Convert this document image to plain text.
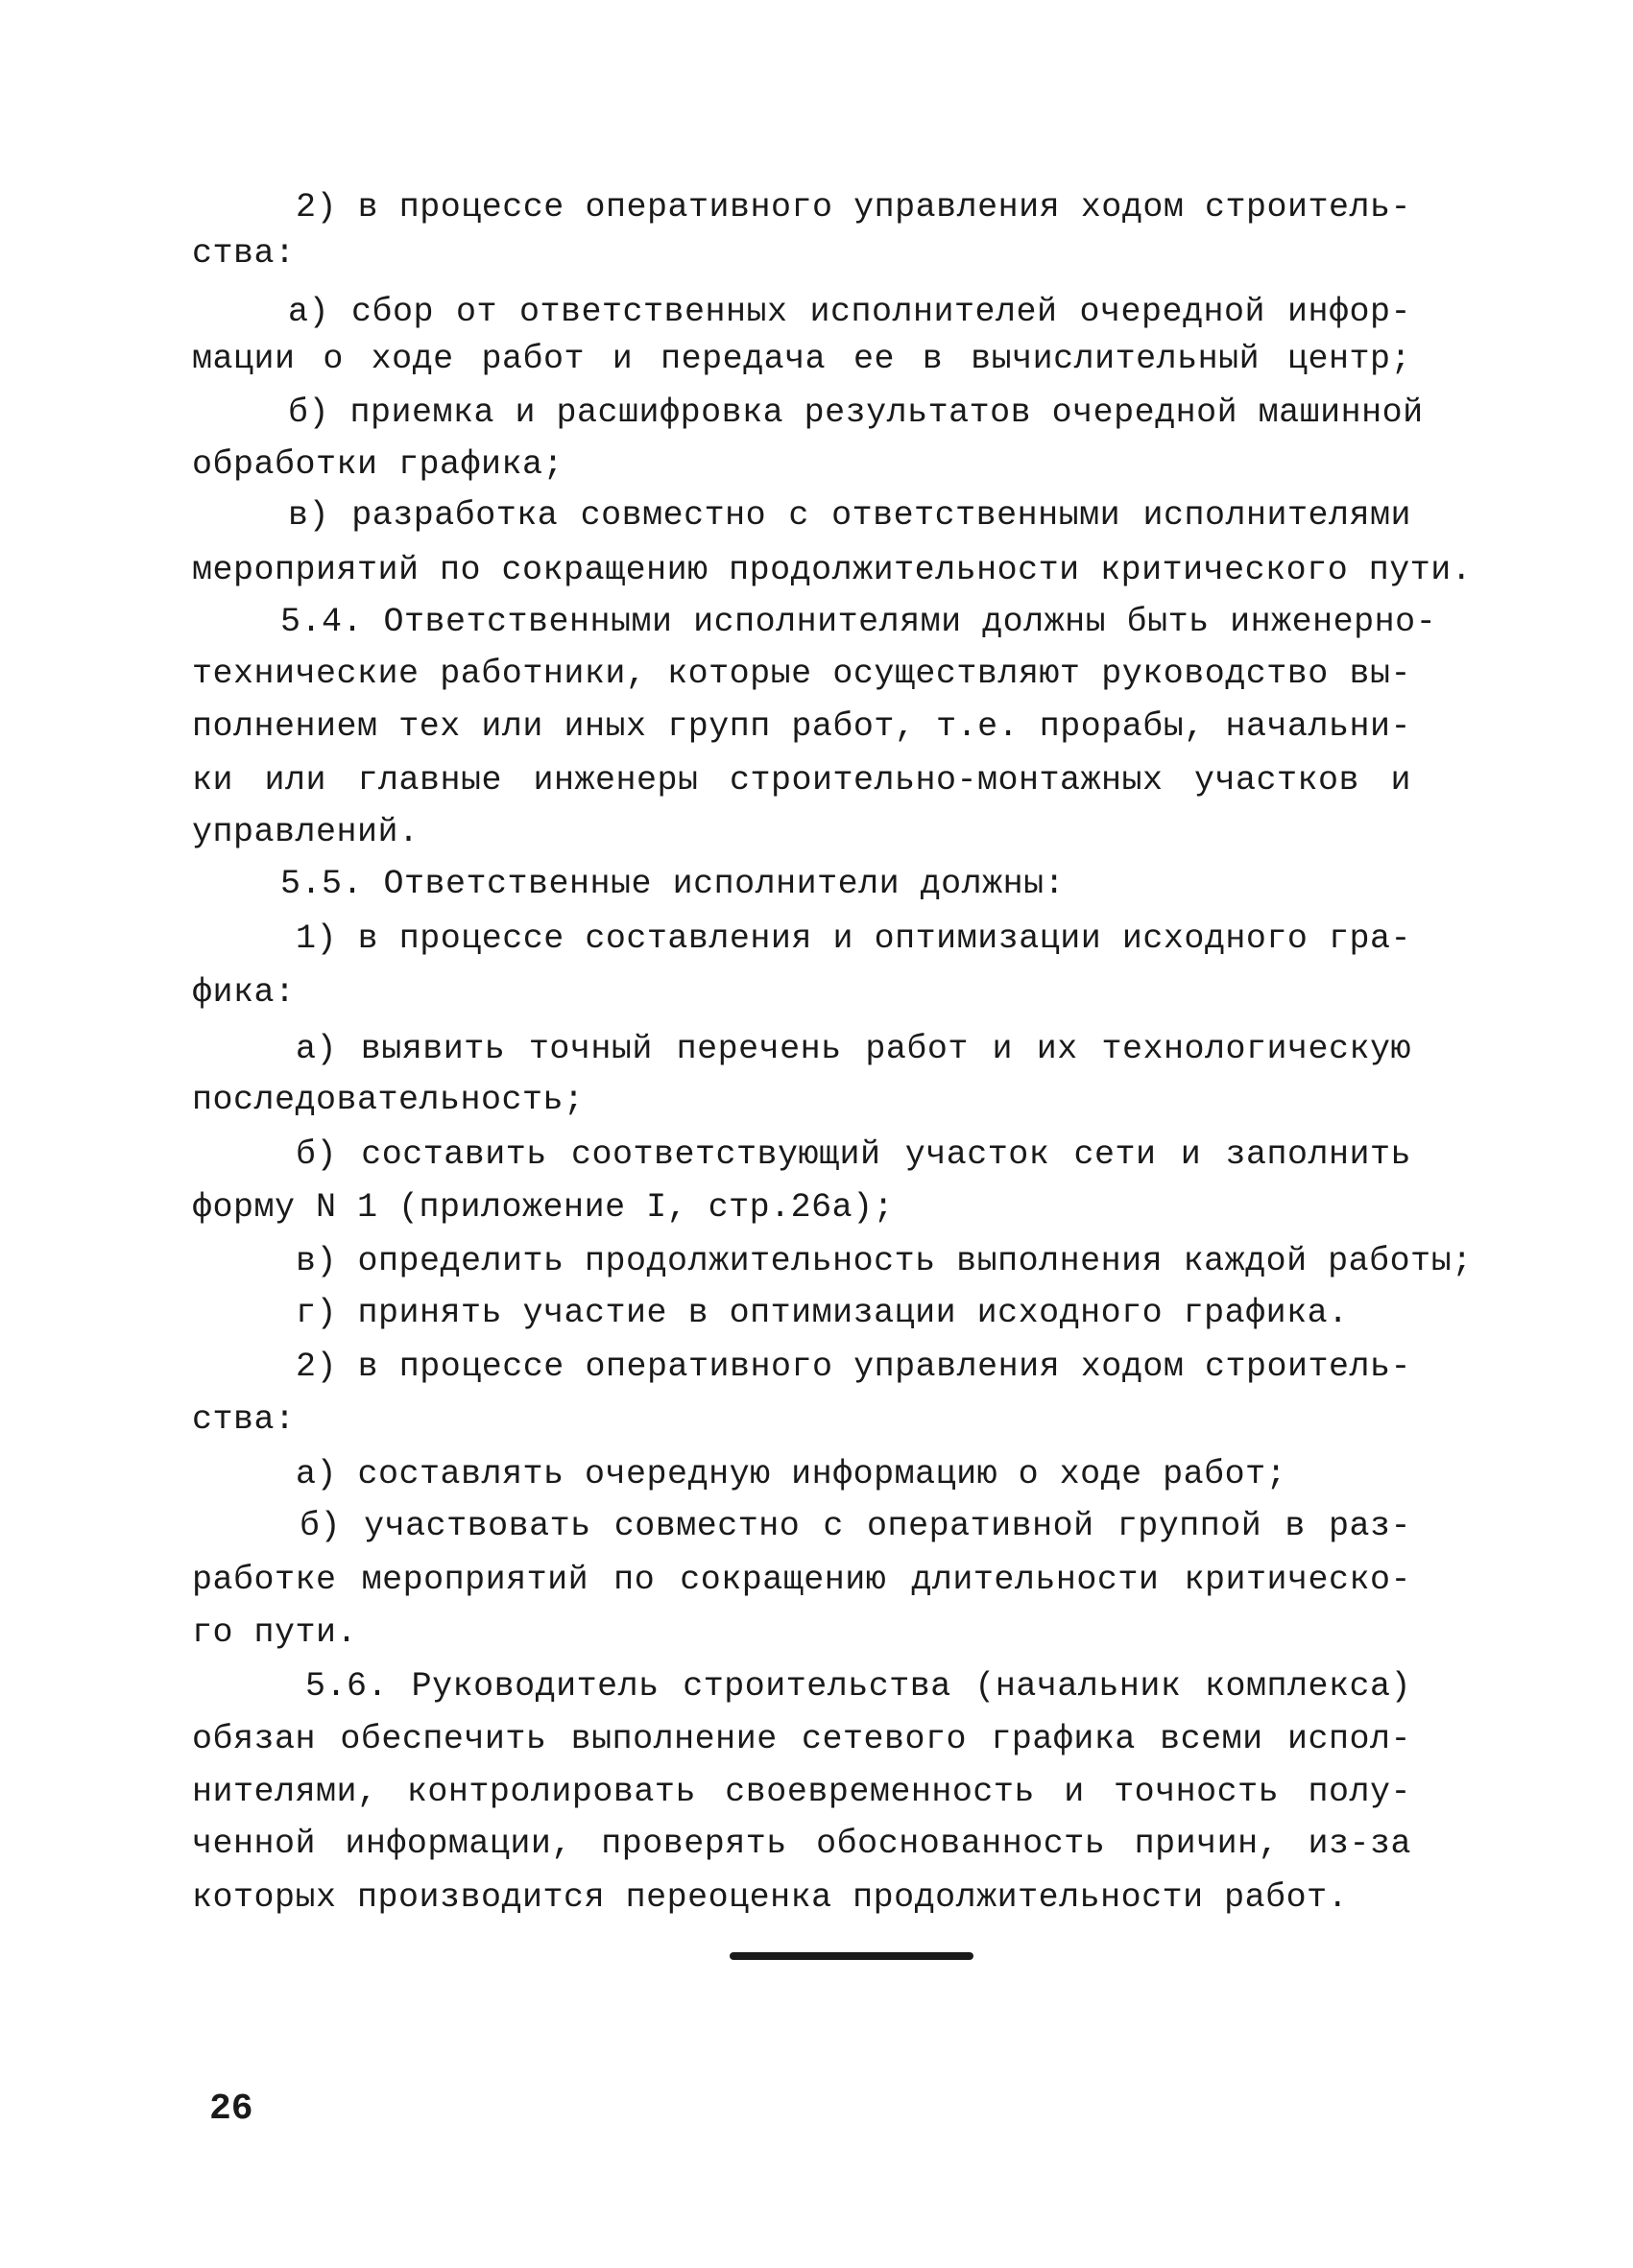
2) в процессе оперативного управления ходом строитель-
ства:
а) сбор от ответственных исполнителей очередной инфор-
мации о ходе работ и передача ее в вычислительный центр;
б) приемка и расшифровка результатов очередной машинной
обработки графика;
в) разработка совместно с ответственными исполнителями
мероприятий по сокращению продолжительности критического пути.
5.4. Ответственными исполнителями должны быть инженерно-
технические работники, которые осуществляют руководство вы-
полнением тех или иных групп работ, т.е. прорабы, начальни-
ки или главные инженеры строительно-монтажных участков и
управлений.
5.5. Ответственные исполнители должны:
1) в процессе составления и оптимизации исходного гра-
фика:
а) выявить точный перечень работ и их технологическую
последовательность;
б) составить соответствующий участок сети и заполнить
форму N 1 (приложение I, стр.26а);
в) определить продолжительность выполнения каждой работы;
г) принять участие в оптимизации исходного графика.
2) в процессе оперативного управления ходом строитель-
ства:
а) составлять очередную информацию о ходе работ;
б) участвовать совместно с оперативной группой в раз-
работке мероприятий по сокращению длительности критическо-
го пути.
5.6. Руководитель строительства (начальник комплекса)
обязан обеспечить выполнение сетевого графика всеми испол-
нителями, контролировать своевременность и точность полу-
ченной информации, проверять обоснованность причин, из-за
которых производится переоценка продолжительности работ.
26
